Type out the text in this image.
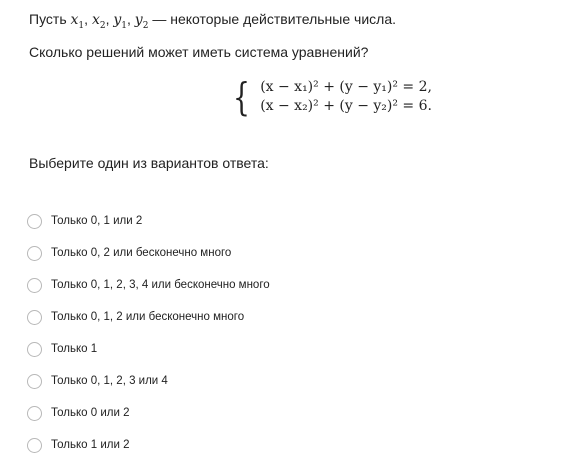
Пусть $x_1$, $x_2$, $y_1$, $y_2$ — некоторые действительные числа.
Сколько решений может иметь система уравнений?
{ (x − x₁)² + (y − y₁)² = 2,
(x − x₂)² + (y − y₂)² = 6.
Выберите один из вариантов ответа:
Только 0, 1 или 2
Только 0, 2 или бесконечно много
Только 0, 1, 2, 3, 4 или бесконечно много
Только 0, 1, 2 или бесконечно много
Только 1
Только 0, 1, 2, 3 или 4
Только 0 или 2
Только 1 или 2
